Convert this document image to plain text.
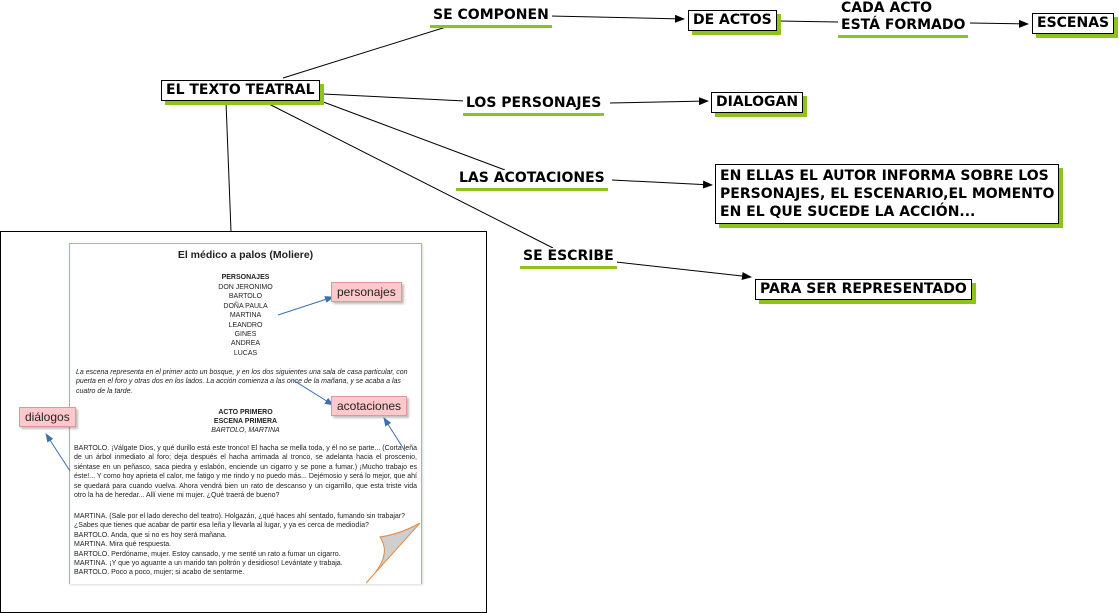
El médico a palos (Moliere)
PERSONAJES
DON JERONIMO
BARTOLO
DOÑA PAULA
MARTINA
LEANDRO
GINES
ANDREA
LUCAS
La escena representa en el primer acto un bosque, y en los dos siguientes una sala de casa particular, con puerta en el foro y otras dos en los lados. La acción comienza a las once de la mañana, y se acaba a las cuatro de la tarde.
ACTO PRIMERO
ESCENA PRIMERA
BARTOLO, MARTINA
BARTOLO. ¡Válgate Dios, y qué durillo está este tronco! El hacha se mella toda, y él no se parte... (Corta leña de un árbol inmediato al foro; deja después el hacha arrimada al tronco, se adelanta hacia el proscenio, siéntase en un peñasco, saca piedra y eslabón, enciende un cigarro y se pone a fumar.) ¡Mucho trabajo es éste!... Y como hoy aprieta el calor, me fatigo y me rindo y no puedo más... Dejémosio y será lo mejor, que ahí se quedará para cuando vuelva. Ahora vendrá bien un rato de descanso y un cigarrillo, que esta triste vida otro la ha de heredar... Allí viene mi mujer. ¿Qué traerá de bueno?
MARTINA. (Sale por el lado derecho del teatro). Holgazán, ¿qué haces ahí sentado, fumando sin trabajar?
¿Sabes que tienes que acabar de partir esa leña y llevarla al lugar, y ya es cerca de mediodía?
BARTOLO. Anda, que si no es hoy será mañana.
MARTINA. Mira qué respuesta.
BARTOLO. Perdóname, mujer. Estoy cansado, y me senté un rato a fumar un cigarro.
MARTINA. ¡Y que yo aguante a un marido tan poltrón y desidioso! Levántate y trabaja.
BARTOLO. Poco a poco, mujer; si acabo de sentarme.
personajes
acotaciones
diálogos
EL TEXTO TEATRAL
SE COMPONEN	DE ACTOS
CADA ACTO
ESTÁ FORMADO	ESCENAS
LOS PERSONAJES	DIALOGAN
LAS ACOTACIONES	EN ELLAS EL AUTOR INFORMA SOBRE LOS
PERSONAJES, EL ESCENARIO,EL MOMENTO
EN EL QUE SUCEDE LA ACCIÓN...
SE ESCRIBE
PARA SER REPRESENTADO
